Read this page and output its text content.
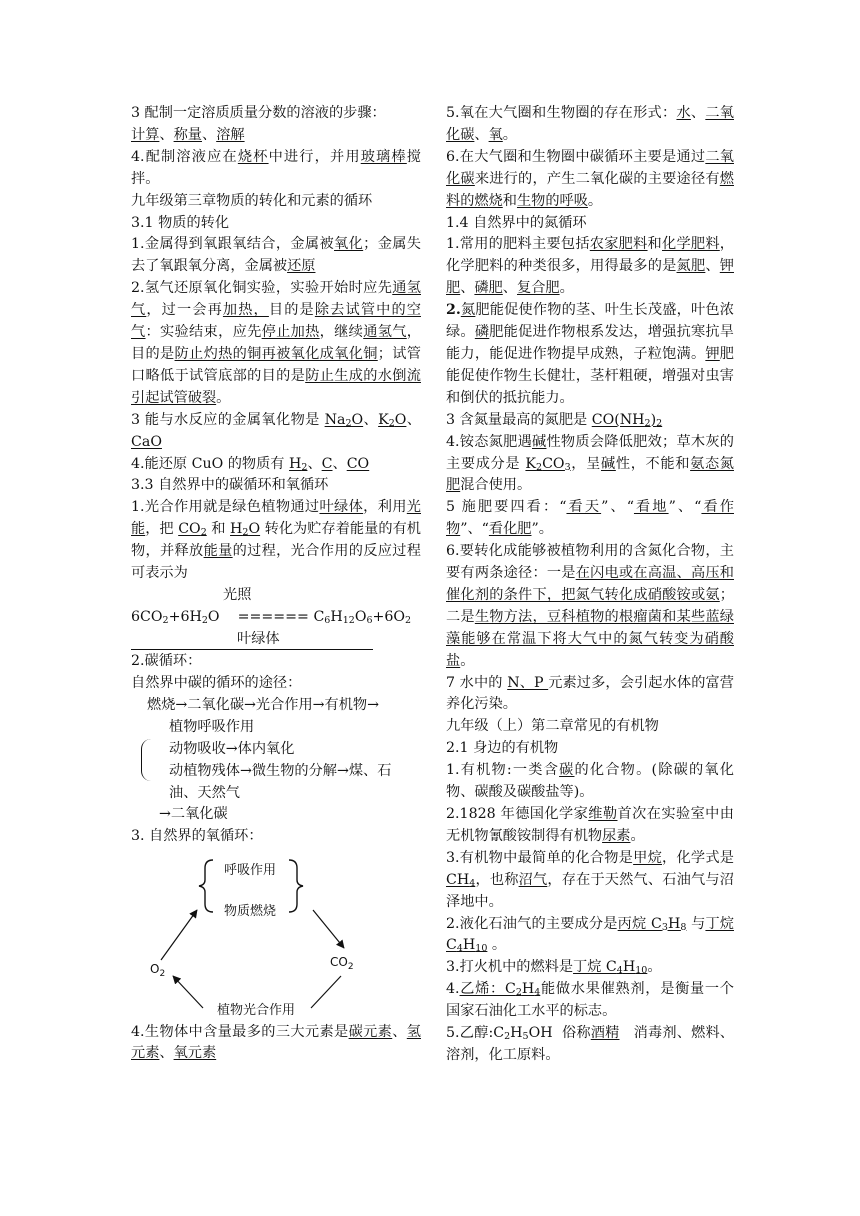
3 配制一定溶质质量分数的溶液的步骤：

计算、称量、溶解

4.配制溶液应在烧杯中进行，并用玻璃棒搅拌。

九年级第三章物质的转化和元素的循环

3.1 物质的转化

1.金属得到氧跟氧结合，金属被氧化；金属失去了氧跟氧分离，金属被还原

2.氢气还原氧化铜实验，实验开始时应先通氢气，过一会再加热，目的是除去试管中的空气：实验结束，应先停止加热，继续通氢气，目的是防止灼热的铜再被氧化成氧化铜；试管口略低于试管底部的目的是防止生成的水倒流引起试管破裂。

3 能与水反应的金属氧化物是 $Na_2O$、$K_2O$、CaO

4.能还原 CuO 的物质有 $H_2$、C、CO

3.3 自然界中的碳循环和氧循环

1.光合作用就是绿色植物通过叶绿体，利用光能，把 $CO_2$ 和 $H_2O$ 转化为贮存着能量的有机物，并释放能量的过程，光合作用的反应过程可表示为

光照
$6CO_2+6H_2O$ ====== $C_6H_{12}O_6+6O_2$
叶绿体

2.碳循环：

自然界中碳的循环的途径：

燃烧→二氧化碳→光合作用→有机物→
植物呼吸作用
动物吸收→体内氧化
动植物残体→微生物的分解→煤、石
油、天然气

→二氧化碳

3. 自然界的氧循环：

呼吸作用
物质燃烧
$O_2$
$CO_2$
植物光合作用

4.生物体中含量最多的三大元素是碳元素、氢元素、氧元素

5.氧在大气圈和生物圈的存在形式：水、二氧化碳、氧。

6.在大气圈和生物圈中碳循环主要是通过二氧化碳来进行的，产生二氧化碳的主要途径有燃料的燃烧和生物的呼吸。

1.4 自然界中的氮循环

1.常用的肥料主要包括农家肥料和化学肥料，化学肥料的种类很多，用得最多的是氮肥、钾肥、磷肥、复合肥。

2.氮肥能促使作物的茎、叶生长茂盛，叶色浓绿。磷肥能促进作物根系发达，增强抗寒抗旱能力，能促进作物提早成熟，子粒饱满。钾肥能促使作物生长健壮，茎杆粗硬，增强对虫害和倒伏的抵抗能力。

3 含氮量最高的氮肥是 $CO(NH_2)_2$

4.铵态氮肥遇碱性物质会降低肥效；草木灰的主要成分是 $K_2CO_3$，呈碱性，不能和氨态氮肥混合使用。

5 施肥要四看：“看天”、“看地”、“看作物”、“看化肥”。

6.要转化成能够被植物利用的含氮化合物，主要有两条途径：一是在闪电或在高温、高压和催化剂的条件下，把氮气转化成硝酸铵或氨；二是生物方法，豆科植物的根瘤菌和某些蓝绿藻能够在常温下将大气中的氮气转变为硝酸盐。

7 水中的 N、P 元素过多，会引起水体的富营养化污染。

九年级（上）第二章常见的有机物

2.1 身边的有机物

1.有机物:一类含碳的化合物。(除碳的氧化物、碳酸及碳酸盐等)。

2.1828 年德国化学家维勒首次在实验室中由无机物氰酸铵制得有机物尿素。

3.有机物中最简单的化合物是甲烷，化学式是 $CH_4$，也称沼气，存在于天然气、石油气与沼泽地中。

2.液化石油气的主要成分是丙烷 $C_3H_8$ 与丁烷 $C_4H_{10}$ 。

3.打火机中的燃料是丁烷 $C_4H_{10}$。

4.乙烯：$C_2H_4$能做水果催熟剂，是衡量一个国家石油化工水平的标志。

5.乙醇$:C_2H_5OH$  俗称酒精   消毒剂、燃料、溶剂，化工原料。
